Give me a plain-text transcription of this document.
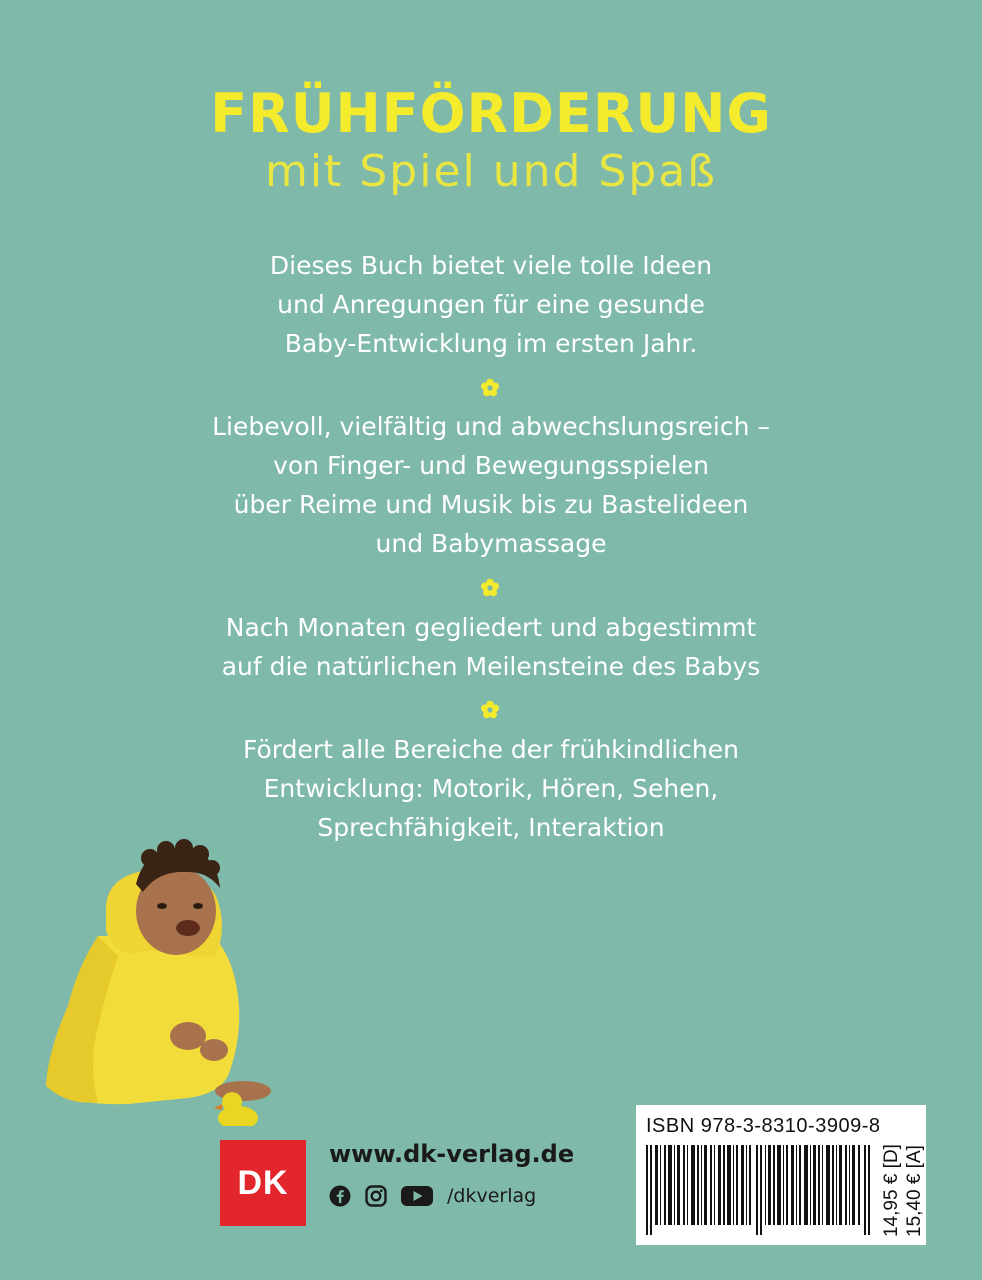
FRÜHFÖRDERUNG
mit Spiel und Spaß
Dieses Buch bietet viele tolle Ideen
und Anregungen für eine gesunde
Baby-Entwicklung im ersten Jahr.
Liebevoll, vielfältig und abwechslungsreich –
von Finger- und Bewegungsspielen
über Reime und Musik bis zu Bastelideen
und Babymassage
Nach Monaten gegliedert und abgestimmt
auf die natürlichen Meilensteine des Babys
Fördert alle Bereiche der frühkindlichen
Entwicklung: Motorik, Hören, Sehen,
Sprechfähigkeit, Interaktion
DK
www.dk-verlag.de
/dkverlag
ISBN 978-3-8310-3909-8
14,95 € [D] 15,40 € [A]
